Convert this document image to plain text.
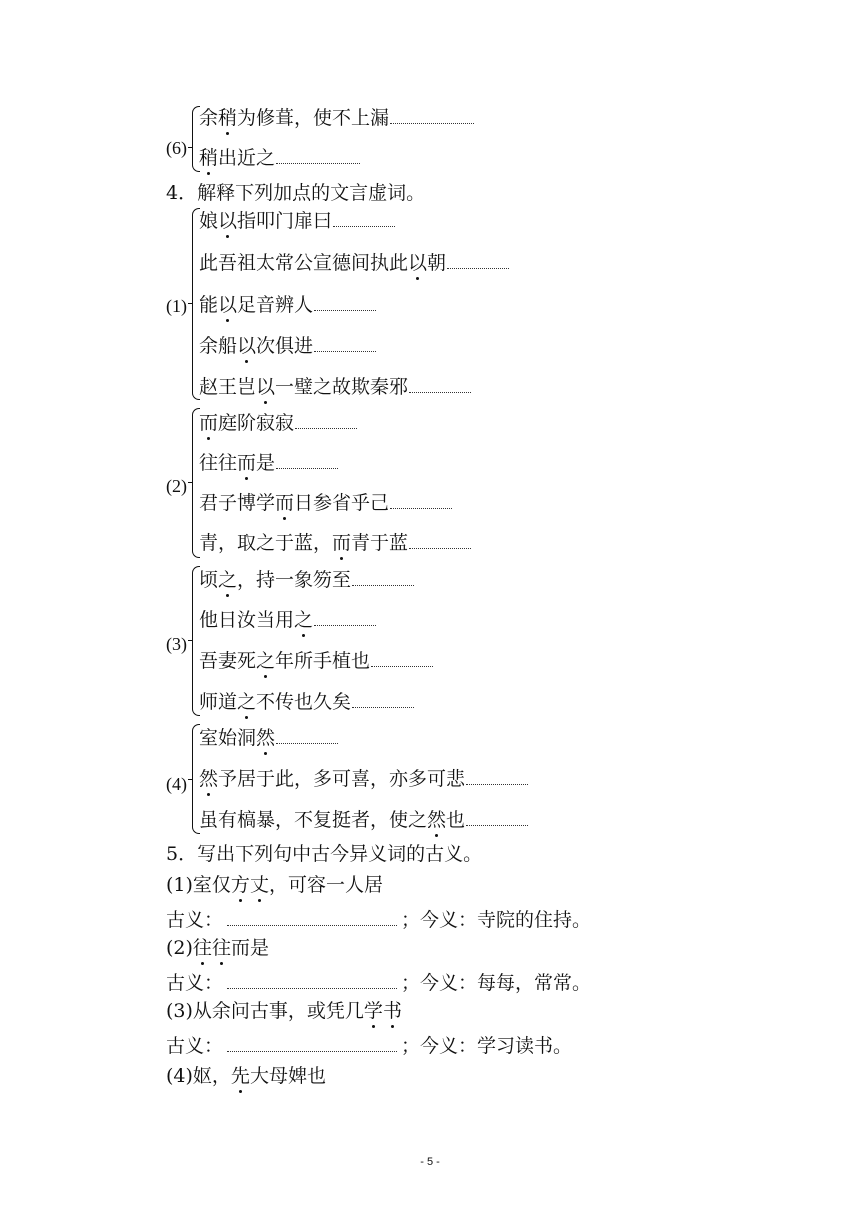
(6)
余稍为修葺，使不上漏
稍出近之
4．解释下列加点的文言虚词。
(1)
娘以指叩门扉曰
此吾祖太常公宣德间执此以朝
能以足音辨人
余船以次俱进
赵王岂以一璧之故欺秦邪
(2)
而庭阶寂寂
往往而是
君子博学而日参省乎己
青，取之于蓝，而青于蓝
(3)
顷之，持一象笏至
他日汝当用之
吾妻死之年所手植也
师道之不传也久矣
(4)
室始洞然
然予居于此，多可喜，亦多可悲
虽有槁暴，不复挺者，使之然也
5．写出下列句中古今异义词的古义。
(1)室仅方丈，可容一人居
古义：	；今义：寺院的住持。
(2)往往而是
古义：	；今义：每每，常常。
(3)从余问古事，或凭几学书
古义：	；今义：学习读书。
(4)妪，先大母婢也
- 5 -
